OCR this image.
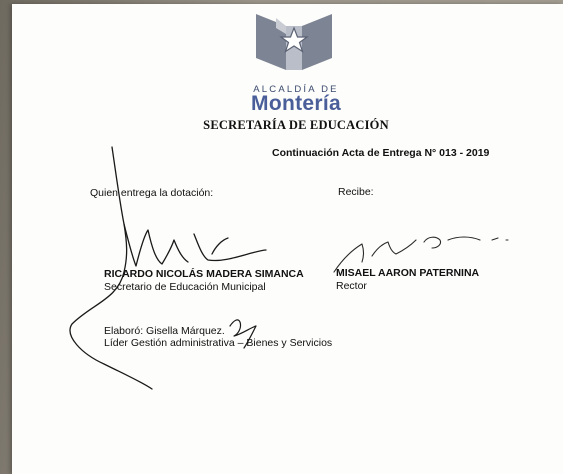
ALCALDÍA DE
Montería
SECRETARÍA DE EDUCACIÓN
Continuación Acta de Entrega N° 013 - 2019
Quien entrega la dotación:	Recibe:
RICARDO NICOLÁS MADERA SIMANCA
Secretario de Educación Municipal
MISAEL AARON PATERNINA
Rector
Elaboró: Gisella Márquez.
Líder Gestión administrativa – Bienes y Servicios
